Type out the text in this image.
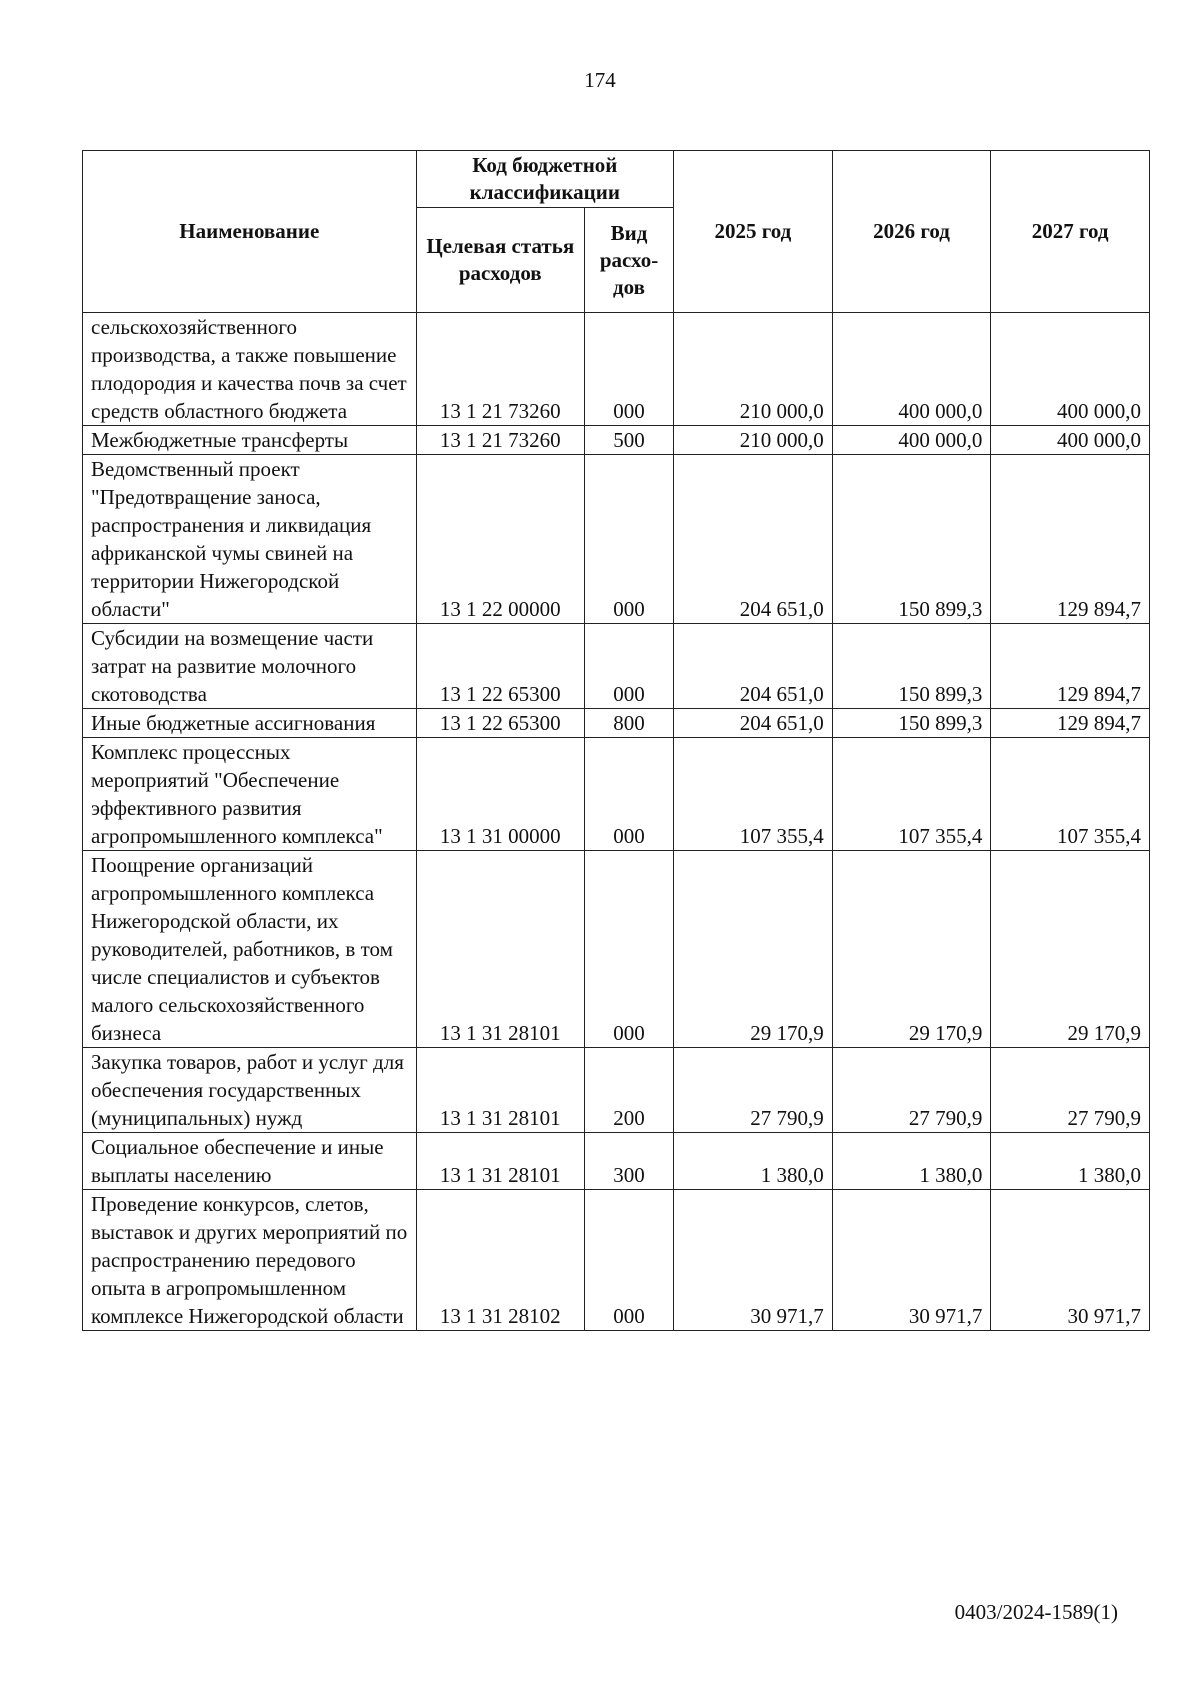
174
Наименование	Код бюджетной классификации		2025 год	2026 год	2027 год
	Целевая статья расходов	Вид расхо-дов			
сельскохозяйственного производства, а также повышение плодородия и качества почв за счет средств областного бюджета	13 1 21 73260	000	210 000,0	400 000,0	400 000,0
Межбюджетные трансферты	13 1 21 73260	500	210 000,0	400 000,0	400 000,0
Ведомственный проект "Предотвращение заноса, распространения и ликвидация африканской чумы свиней на территории Нижегородской области"	13 1 22 00000	000	204 651,0	150 899,3	129 894,7
Субсидии на возмещение части затрат на развитие молочного скотоводства	13 1 22 65300	000	204 651,0	150 899,3	129 894,7
Иные бюджетные ассигнования	13 1 22 65300	800	204 651,0	150 899,3	129 894,7
Комплекс процессных мероприятий "Обеспечение эффективного развития агропромышленного комплекса"	13 1 31 00000	000	107 355,4	107 355,4	107 355,4
Поощрение организаций агропромышленного комплекса Нижегородской области, их руководителей, работников, в том числе специалистов и субъектов малого сельскохозяйственного бизнеса	13 1 31 28101	000	29 170,9	29 170,9	29 170,9
Закупка товаров, работ и услуг для обеспечения государственных (муниципальных) нужд	13 1 31 28101	200	27 790,9	27 790,9	27 790,9
Социальное обеспечение и иные выплаты населению	13 1 31 28101	300	1 380,0	1 380,0	1 380,0
Проведение конкурсов, слетов, выставок и других мероприятий по распространению передового опыта в агропромышленном комплексе Нижегородской области	13 1 31 28102	000	30 971,7	30 971,7	30 971,7
0403/2024-1589(1)
